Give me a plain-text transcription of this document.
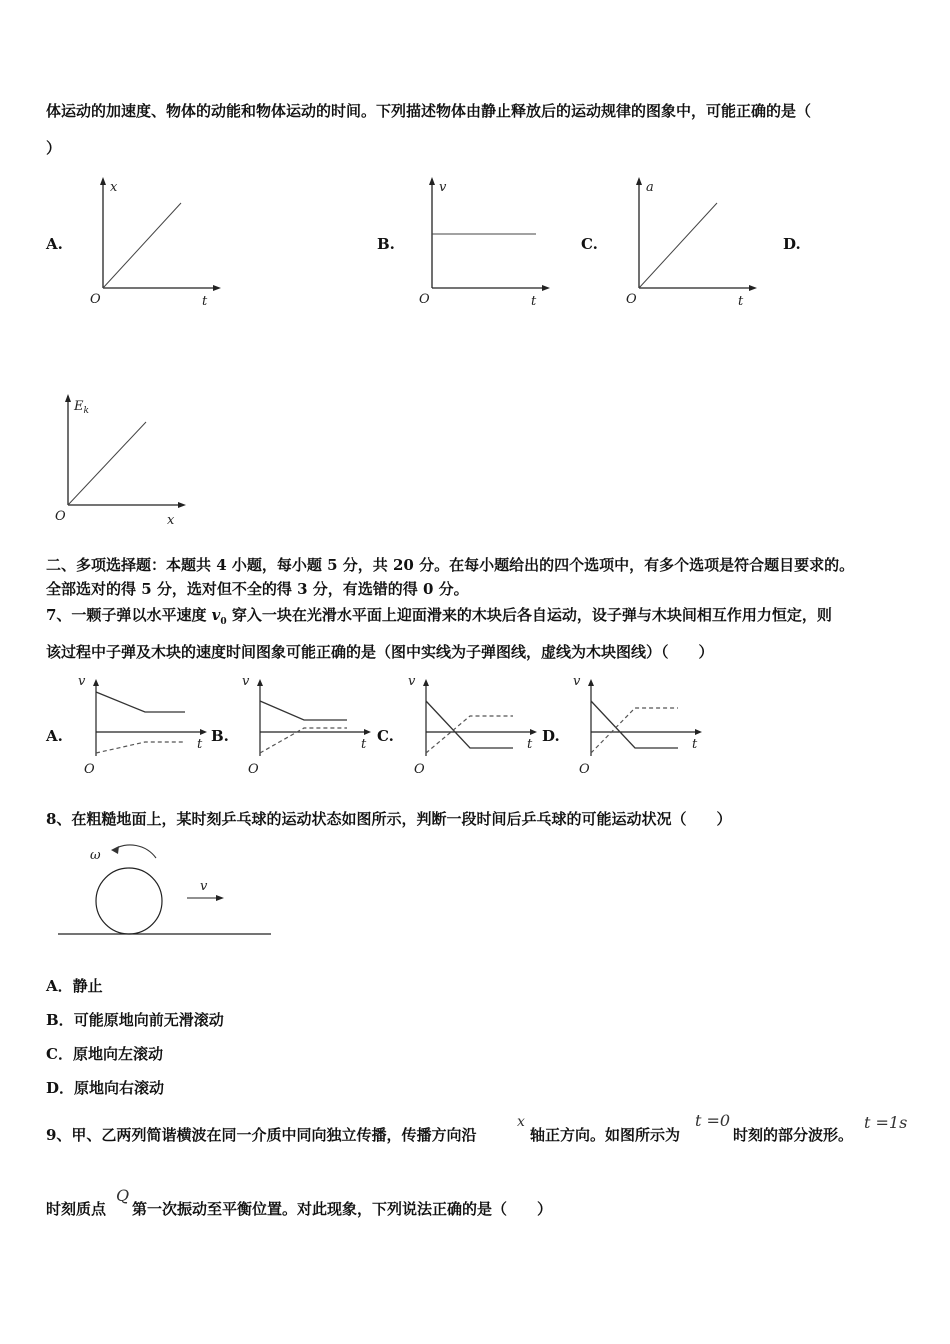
体运动的加速度、物体的动能和物体运动的时间。下列描述物体由静止释放后的运动规律的图象中，可能正确的是（
）
A.	B.	C.	D.
x
t
O
v
t
O
a
t
O
$E_k$
x
O
二、多项选择题：本题共 4 小题，每小题 5 分，共 20 分。在每小题给出的四个选项中，有多个选项是符合题目要求的。
全部选对的得 5 分，选对但不全的得 3 分，有选错的得 0 分。
7、一颗子弹以水平速度 $v_0$ 穿入一块在光滑水平面上迎面滑来的木块后各自运动，设子弹与木块间相互作用力恒定，则
该过程中子弹及木块的速度时间图象可能正确的是（图中实线为子弹图线，虚线为木块图线）（　　）
A.	B.	C.	D.
v
t
O
v
t
O
v
t
O
v
t
O
8、在粗糙地面上，某时刻乒乓球的运动状态如图所示，判断一段时间后乒乓球的可能运动状况（　　）
ω
v
A．静止
B．可能原地向前无滑滚动
C．原地向左滚动
D．原地向右滚动
9、甲、乙两列简谐横波在同一介质中同向独立传播，传播方向沿
x
轴正方向。如图所示为
t =0
时刻的部分波形。
t =1s
时刻质点
Q
第一次振动至平衡位置。对此现象，下列说法正确的是（　　）
